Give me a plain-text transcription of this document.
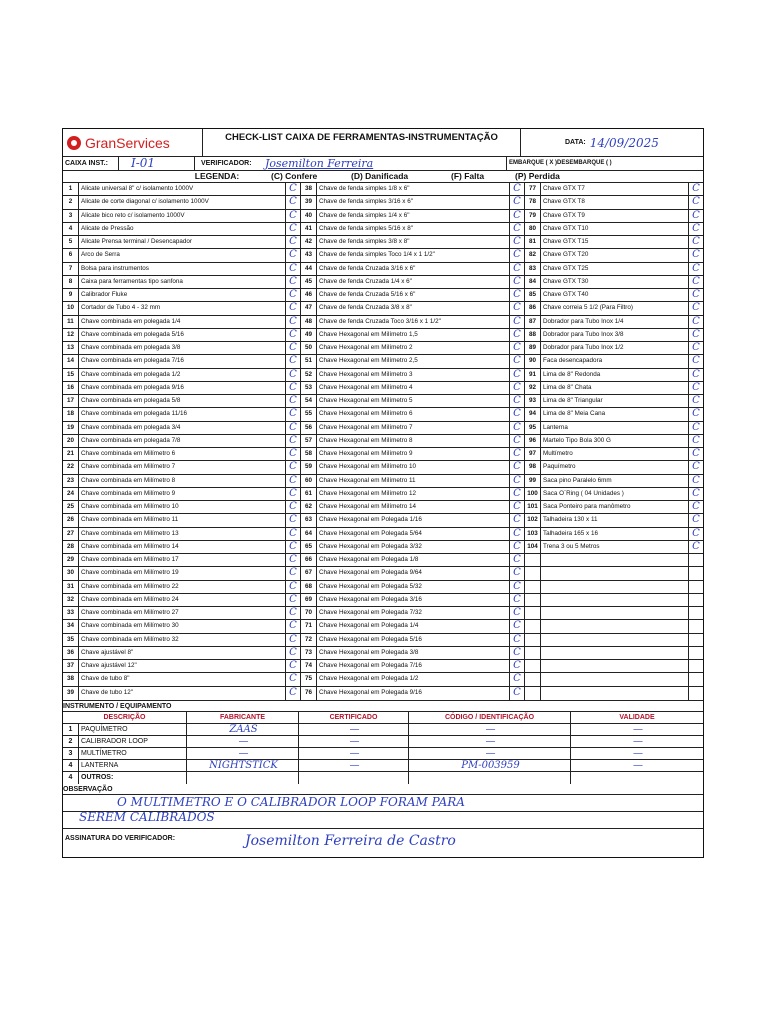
GranServices	CHECK-LIST CAIXA DE FERRAMENTAS-INSTRUMENTAÇÃO	DATA: 14/09/2025
CAIXA INST.:	I-01	VERIFICADOR:	Josemilton Ferreira	EMBARQUE ( X )DESEMBARQUE ( )
LEGENDA:	(C) Confere	(D) Danificada	(F) Falta	(P) Perdida
1	Alicate universal 8" c/ isolamento 1000V	C
2	Alicate de corte diagonal c/ isolamento 1000V	C
3	Alicate bico reto c/ isolamento 1000V	C
4	Alicate de Pressão	C
5	Alicate Prensa terminal / Desencapador	C
6	Arco de Serra	C
7	Bolsa para instrumentos	C
8	Caixa para ferramentas tipo sanfona	C
9	Calibrador Fluke	C
10	Cortador de Tubo 4 - 32 mm	C
11	Chave combinada em polegada 1/4	C
12	Chave combinada em polegada 5/16	C
13	Chave combinada em polegada 3/8	C
14	Chave combinada em polegada 7/16	C
15	Chave combinada em polegada 1/2	C
16	Chave combinada em polegada 9/16	C
17	Chave combinada em polegada 5/8	C
18	Chave combinada em polegada 11/16	C
19	Chave combinada em polegada 3/4	C
20	Chave combinada em polegada 7/8	C
21	Chave combinada em Milímetro 6	C
22	Chave combinada em Milímetro 7	C
23	Chave combinada em Milímetro 8	C
24	Chave combinada em Milímetro 9	C
25	Chave combinada em Milímetro 10	C
26	Chave combinada em Milímetro 11	C
27	Chave combinada em Milímetro 13	C
28	Chave combinada em Milímetro 14	C
29	Chave combinada em Milímetro 17	C
30	Chave combinada em Milímetro 19	C
31	Chave combinada em Milímetro 22	C
32	Chave combinada em Milímetro 24	C
33	Chave combinada em Milímetro 27	C
34	Chave combinada em Milímetro 30	C
35	Chave combinada em Milímetro 32	C
36	Chave ajustável 8"	C
37	Chave ajustável 12"	C
38	Chave de tubo 8"	C
39	Chave de tubo 12"	C
38	Chave de fenda simples 1/8 x 6"	C
39	Chave de fenda simples 3/16 x 6"	C
40	Chave de fenda simples 1/4 x 6"	C
41	Chave de fenda simples 5/16 x 8"	C
42	Chave de fenda simples 3/8 x 8"	C
43	Chave de fenda simples Toco 1/4 x 1 1/2"	C
44	Chave de fenda Cruzada 3/16 x 6"	C
45	Chave de fenda Cruzada 1/4 x 6"	C
46	Chave de fenda Cruzada 5/16 x 6"	C
47	Chave de fenda Cruzada 3/8 x 8"	C
48	Chave de fenda Cruzada Toco 3/16 x 1 1/2"	C
49	Chave Hexagonal em Milímetro 1,5	C
50	Chave Hexagonal em Milímetro 2	C
51	Chave Hexagonal em Milímetro 2,5	C
52	Chave Hexagonal em Milímetro 3	C
53	Chave Hexagonal em Milímetro 4	C
54	Chave Hexagonal em Milímetro 5	C
55	Chave Hexagonal em Milímetro 6	C
56	Chave Hexagonal em Milímetro 7	C
57	Chave Hexagonal em Milímetro 8	C
58	Chave Hexagonal em Milímetro 9	C
59	Chave Hexagonal em Milímetro 10	C
60	Chave Hexagonal em Milímetro 11	C
61	Chave Hexagonal em Milímetro 12	C
62	Chave Hexagonal em Milímetro 14	C
63	Chave Hexagonal em Polegada 1/16	C
64	Chave Hexagonal em Polegada 5/64	C
65	Chave Hexagonal em Polegada 3/32	C
66	Chave Hexagonal em Polegada 1/8	C
67	Chave Hexagonal em Polegada 9/64	C
68	Chave Hexagonal em Polegada 5/32	C
69	Chave Hexagonal em Polegada 3/16	C
70	Chave Hexagonal em Polegada 7/32	C
71	Chave Hexagonal em Polegada 1/4	C
72	Chave Hexagonal em Polegada 5/16	C
73	Chave Hexagonal em Polegada 3/8	C
74	Chave Hexagonal em Polegada 7/16	C
75	Chave Hexagonal em Polegada 1/2	C
76	Chave Hexagonal em Polegada 9/16	C
77	Chave GTX T7	C
78	Chave GTX T8	C
79	Chave GTX T9	C
80	Chave GTX T10	C
81	Chave GTX T15	C
82	Chave GTX T20	C
83	Chave GTX T25	C
84	Chave GTX T30	C
85	Chave GTX T40	C
86	Chave correia 5 1/2 (Para Filtro)	C
87	Dobrador para Tubo Inox 1/4	C
88	Dobrador para Tubo Inox 3/8	C
89	Dobrador para Tubo Inox 1/2	C
90	Faca desencapadora	C
91	Lima de 8" Redonda	C
92	Lima de 8" Chata	C
93	Lima de 8" Triangular	C
94	Lima de 8" Meia Cana	C
95	Lanterna	C
96	Martelo Tipo Bola 300 G	C
97	Multímetro	C
98	Paquímetro	C
99	Saca pino Paralelo 6mm	C
100 Saca O`Ring ( 04 Unidades )	C
101 Saca Ponteiro para manômetro	C
102 Talhadeira 130 x 11	C
103 Talhadeira 165 x 16	C
104 Trena 3 ou 5 Metros	C
INSTRUMENTO / EQUIPAMENTO
DESCRIÇÃO	FABRICANTE	CERTIFICADO	CÓDIGO / IDENTIFICAÇÃO	VALIDADE
1	PAQUÍMETRO	ZAAS	—	—	—
2	CALIBRADOR LOOP	—	—	—	—
3	MULTÍMETRO	—	—	—	—
4	LANTERNA	NIGHTSTICK	—	PM-003959	—
4	OUTROS:
OBSERVAÇÃO
O MULTIMETRO E O CALIBRADOR LOOP FORAM PARA
SEREM CALIBRADOS
ASSINATURA DO VERIFICADOR:	Josemilton Ferreira de Castro
